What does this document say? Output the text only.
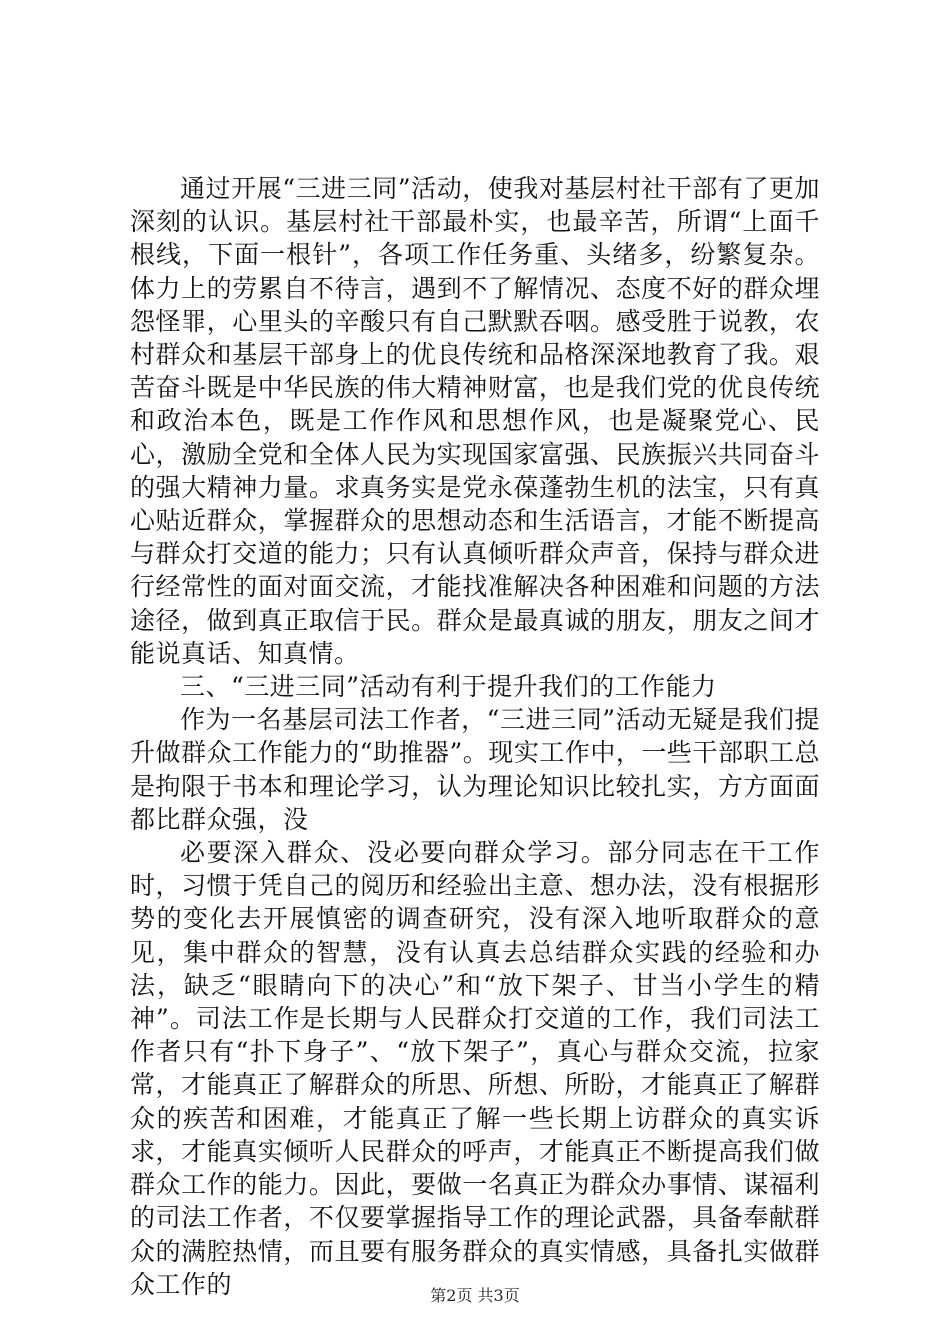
通过开展“三进三同”活动，使我对基层村社干部有了更加深刻的认识。基层村社干部最朴实，也最辛苦，所谓“上面千根线，下面一根针”，各项工作任务重、头绪多，纷繁复杂。体力上的劳累自不待言，遇到不了解情况、态度不好的群众埋怨怪罪，心里头的辛酸只有自己默默吞咽。感受胜于说教，农村群众和基层干部身上的优良传统和品格深深地教育了我。艰苦奋斗既是中华民族的伟大精神财富，也是我们党的优良传统和政治本色，既是工作作风和思想作风，也是凝聚党心、民心，激励全党和全体人民为实现国家富强、民族振兴共同奋斗的强大精神力量。求真务实是党永葆蓬勃生机的法宝，只有真心贴近群众，掌握群众的思想动态和生活语言，才能不断提高与群众打交道的能力；只有认真倾听群众声音，保持与群众进行经常性的面对面交流，才能找准解决各种困难和问题的方法途径，做到真正取信于民。群众是最真诚的朋友，朋友之间才能说真话、知真情。

三、“三进三同”活动有利于提升我们的工作能力

作为一名基层司法工作者，“三进三同”活动无疑是我们提升做群众工作能力的“助推器”。现实工作中，一些干部职工总是拘限于书本和理论学习，认为理论知识比较扎实，方方面面都比群众强，没

必要深入群众、没必要向群众学习。部分同志在干工作时，习惯于凭自己的阅历和经验出主意、想办法，没有根据形势的变化去开展慎密的调查研究，没有深入地听取群众的意见，集中群众的智慧，没有认真去总结群众实践的经验和办法，缺乏“眼睛向下的决心”和“放下架子、甘当小学生的精神”。司法工作是长期与人民群众打交道的工作，我们司法工作者只有“扑下身子”、“放下架子”，真心与群众交流，拉家常，才能真正了解群众的所思、所想、所盼，才能真正了解群众的疾苦和困难，才能真正了解一些长期上访群众的真实诉求，才能真实倾听人民群众的呼声，才能真正不断提高我们做群众工作的能力。因此，要做一名真正为群众办事情、谋福利的司法工作者，不仅要掌握指导工作的理论武器，具备奉献群众的满腔热情，而且要有服务群众的真实情感，具备扎实做群众工作的	第2页 共3页
